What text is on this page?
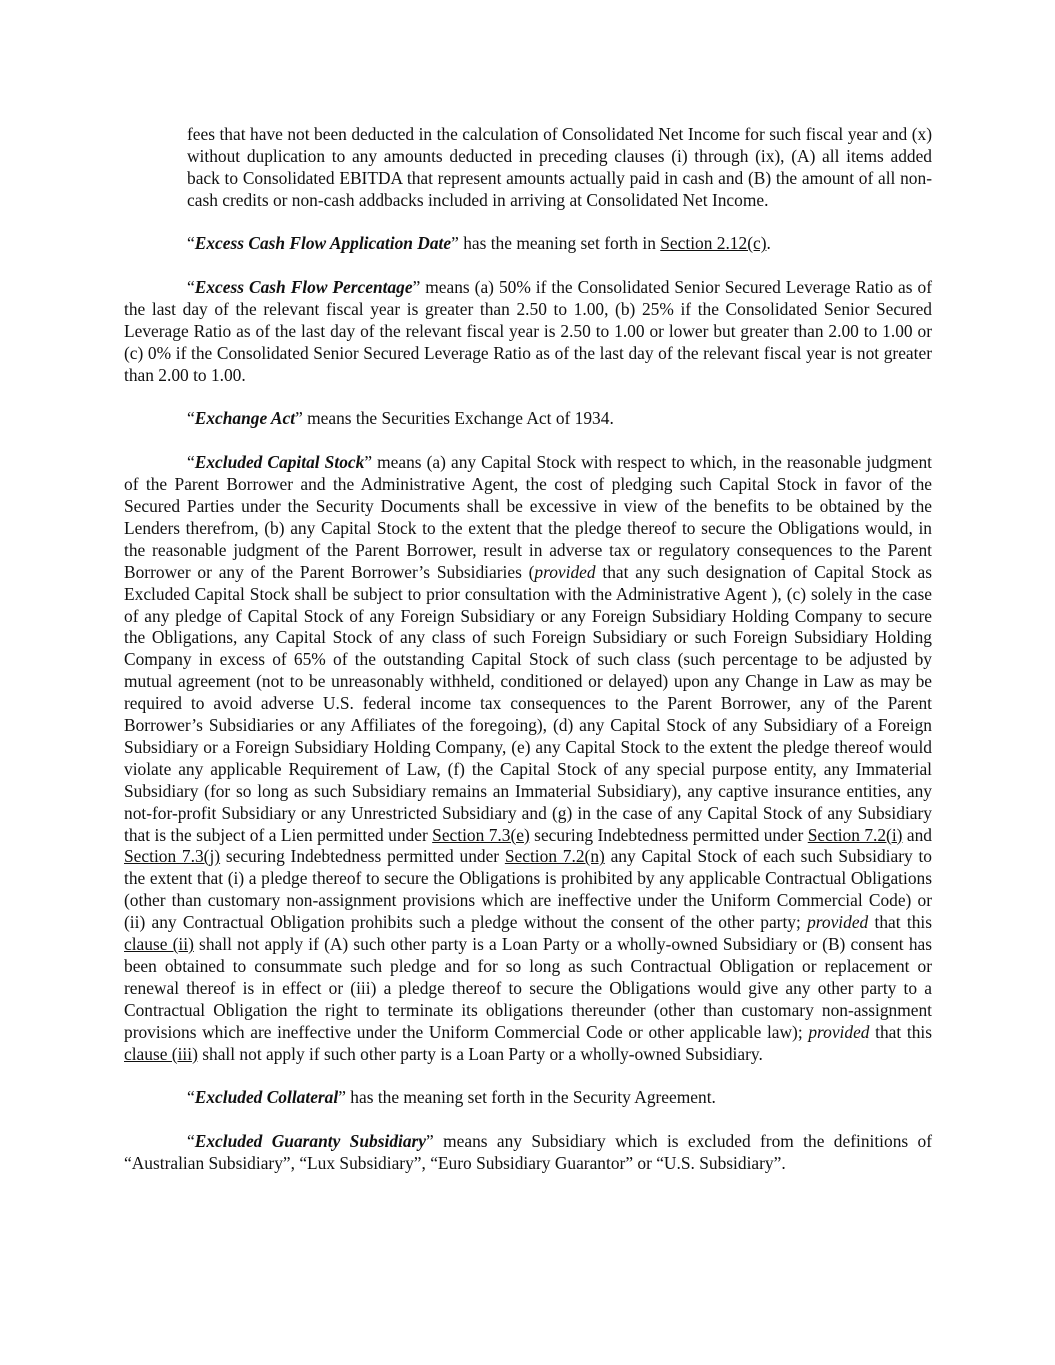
fees that have not been deducted in the calculation of Consolidated Net Income for such fiscal year and (x) without duplication to any amounts deducted in preceding clauses (i) through (ix), (A) all items added back to Consolidated EBITDA that represent amounts actually paid in cash and (B) the amount of all non-cash credits or non-cash addbacks included in arriving at Consolidated Net Income.

“Excess Cash Flow Application Date” has the meaning set forth in Section 2.12(c).

“Excess Cash Flow Percentage” means (a) 50% if the Consolidated Senior Secured Leverage Ratio as of the last day of the relevant fiscal year is greater than 2.50 to 1.00, (b) 25% if the Consolidated Senior Secured Leverage Ratio as of the last day of the relevant fiscal year is 2.50 to 1.00 or lower but greater than 2.00 to 1.00 or (c) 0% if the Consolidated Senior Secured Leverage Ratio as of the last day of the relevant fiscal year is not greater than 2.00 to 1.00.

“Exchange Act” means the Securities Exchange Act of 1934.

“Excluded Capital Stock” means (a) any Capital Stock with respect to which, in the reasonable judgment of the Parent Borrower and the Administrative Agent, the cost of pledging such Capital Stock in favor of the Secured Parties under the Security Documents shall be excessive in view of the benefits to be obtained by the Lenders therefrom, (b) any Capital Stock to the extent that the pledge thereof to secure the Obligations would, in the reasonable judgment of the Parent Borrower, result in adverse tax or regulatory consequences to the Parent Borrower or any of the Parent Borrower’s Subsidiaries (provided that any such designation of Capital Stock as Excluded Capital Stock shall be subject to prior consultation with the Administrative Agent ), (c) solely in the case of any pledge of Capital Stock of any Foreign Subsidiary or any Foreign Subsidiary Holding Company to secure the Obligations, any Capital Stock of any class of such Foreign Subsidiary or such Foreign Subsidiary Holding Company in excess of 65% of the outstanding Capital Stock of such class (such percentage to be adjusted by mutual agreement (not to be unreasonably withheld, conditioned or delayed) upon any Change in Law as may be required to avoid adverse U.S. federal income tax consequences to the Parent Borrower, any of the Parent Borrower’s Subsidiaries or any Affiliates of the foregoing), (d) any Capital Stock of any Subsidiary of a Foreign Subsidiary or a Foreign Subsidiary Holding Company, (e) any Capital Stock to the extent the pledge thereof would violate any applicable Requirement of Law, (f) the Capital Stock of any special purpose entity, any Immaterial Subsidiary (for so long as such Subsidiary remains an Immaterial Subsidiary), any captive insurance entities, any not-for-profit Subsidiary or any Unrestricted Subsidiary and (g) in the case of any Capital Stock of any Subsidiary that is the subject of a Lien permitted under Section 7.3(e) securing Indebtedness permitted under Section 7.2(i) and Section 7.3(j) securing Indebtedness permitted under Section 7.2(n) any Capital Stock of each such Subsidiary to the extent that (i) a pledge thereof to secure the Obligations is prohibited by any applicable Contractual Obligations (other than customary non-assignment provisions which are ineffective under the Uniform Commercial Code) or (ii) any Contractual Obligation prohibits such a pledge without the consent of the other party; provided that this clause (ii) shall not apply if (A) such other party is a Loan Party or a wholly-owned Subsidiary or (B) consent has been obtained to consummate such pledge and for so long as such Contractual Obligation or replacement or renewal thereof is in effect or (iii) a pledge thereof to secure the Obligations would give any other party to a Contractual Obligation the right to terminate its obligations thereunder (other than customary non-assignment provisions which are ineffective under the Uniform Commercial Code or other applicable law); provided that this clause (iii) shall not apply if such other party is a Loan Party or a wholly-owned Subsidiary.

“Excluded Collateral” has the meaning set forth in the Security Agreement.

“Excluded Guaranty Subsidiary” means any Subsidiary which is excluded from the definitions of “Australian Subsidiary”, “Lux Subsidiary”, “Euro Subsidiary Guarantor” or “U.S. Subsidiary”.
